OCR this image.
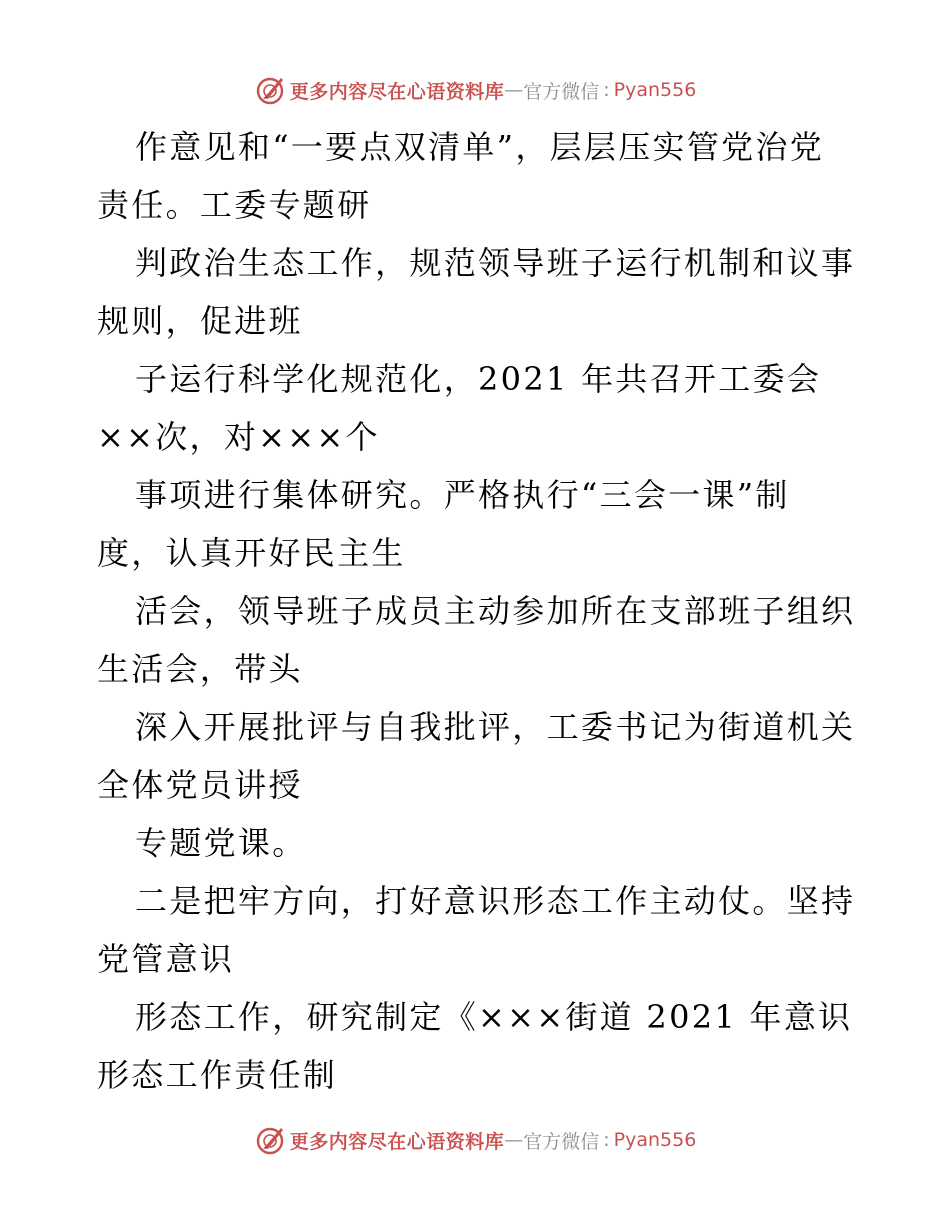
更多内容尽在心语资料库 — 官方微信 : Pyan556
作意见和“一要点双清单”，层层压实管党治党
责任。工委专题研
判政治生态工作，规范领导班子运行机制和议事
规则，促进班
子运行科学化规范化，2021 年共召开工委会
××次，对×××个
事项进行集体研究。严格执行“三会一课”制
度，认真开好民主生
活会，领导班子成员主动参加所在支部班子组织
生活会，带头
深入开展批评与自我批评，工委书记为街道机关
全体党员讲授
专题党课。
二是把牢方向，打好意识形态工作主动仗。坚持
党管意识
形态工作，研究制定《×××街道 2021 年意识
形态工作责任制
更多内容尽在心语资料库 — 官方微信 : Pyan556
